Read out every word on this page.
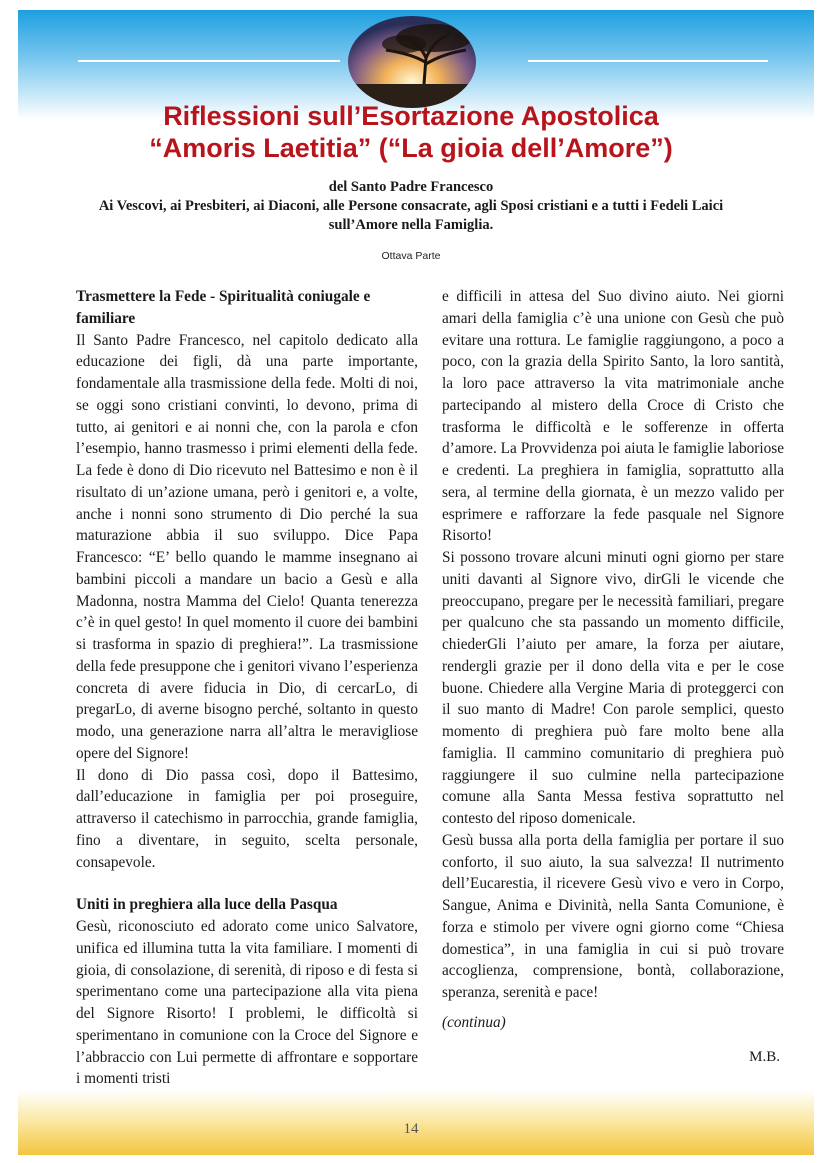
Riflessioni sull’Esortazione Apostolica
“Amoris Laetitia” (“La gioia dell’Amore”)
del Santo Padre Francesco
Ai Vescovi, ai Presbiteri, ai Diaconi, alle Persone consacrate, agli Sposi cristiani e a tutti i Fedeli Laici
sull’Amore nella Famiglia.
Ottava Parte
Trasmettere la Fede - Spiritualità coniugale e familiare

Il Santo Padre Francesco, nel capitolo dedicato alla educazione dei figli, dà una parte importante, fondamentale alla trasmissione della fede. Molti di noi, se oggi sono cristiani convinti, lo devono, prima di tutto, ai genitori e ai nonni che, con la parola e cfon l’esempio, hanno trasmesso i primi elementi della fede. La fede è dono di Dio ricevuto nel Battesimo e non è il risultato di un’azione umana, però i genitori e, a volte, anche i nonni sono strumento di Dio perché la sua maturazione abbia il suo sviluppo. Dice Papa Francesco: “E’ bello quando le mamme insegnano ai bambini piccoli a mandare un bacio a Gesù e alla Madonna, nostra Mamma del Cielo! Quanta tenerezza c’è in quel gesto! In quel momento il cuore dei bambini si trasforma in spazio di preghiera!”. La trasmissione della fede presuppone che i genitori vivano l’esperienza concreta di avere fiducia in Dio, di cercarLo, di pregarLo, di averne bisogno perché, soltanto in questo modo, una generazione narra all’altra le meravigliose opere del Signore!

Il dono di Dio passa così, dopo il Battesimo, dall’educazione in famiglia per poi proseguire, attraverso il catechismo in parrocchia, grande famiglia, fino a diventare, in seguito, scelta personale, consapevole.

Uniti in preghiera alla luce della Pasqua

Gesù, riconosciuto ed adorato come unico Salvatore, unifica ed illumina tutta la vita familiare. I momenti di gioia, di consolazione, di serenità, di riposo e di festa si sperimentano come una partecipazione alla vita piena del Signore Risorto! I problemi, le difficoltà si sperimentano in comunione con la Croce del Signore e l’abbraccio con Lui permette di affrontare e sopportare i momenti tristi

e difficili in attesa del Suo divino aiuto. Nei giorni amari della famiglia c’è una unione con Gesù che può evitare una rottura. Le famiglie raggiungono, a poco a poco, con la grazia della Spirito Santo, la loro santità, la loro pace attraverso la vita matrimoniale anche partecipando al mistero della Croce di Cristo che trasforma le difficoltà e le sofferenze in offerta d’amore. La Provvidenza poi aiuta le famiglie laboriose e credenti. La preghiera in famiglia, soprattutto alla sera, al termine della giornata, è un mezzo valido per esprimere e rafforzare la fede pasquale nel Signore Risorto!

Si possono trovare alcuni minuti ogni giorno per stare uniti davanti al Signore vivo, dirGli le vicende che preoccupano, pregare per le necessità familiari, pregare per qualcuno che sta passando un momento difficile, chiederGli l’aiuto per amare, la forza per aiutare, rendergli grazie per il dono della vita e per le cose buone. Chiedere alla Vergine Maria di proteggerci con il suo manto di Madre! Con parole semplici, questo momento di preghiera può fare molto bene alla famiglia. Il cammino comunitario di preghiera può raggiungere il suo culmine nella partecipazione comune alla Santa Messa festiva soprattutto nel contesto del riposo domenicale.

Gesù bussa alla porta della famiglia per portare il suo conforto, il suo aiuto, la sua salvezza! Il nutrimento dell’Eucarestia, il ricevere Gesù vivo e vero in Corpo, Sangue, Anima e Divinità, nella Santa Comunione, è forza e stimolo per vivere ogni giorno come “Chiesa domestica”, in una famiglia in cui si può trovare accoglienza, comprensione, bontà, collaborazione, speranza, serenità e pace!

(continua)

M.B.
14
